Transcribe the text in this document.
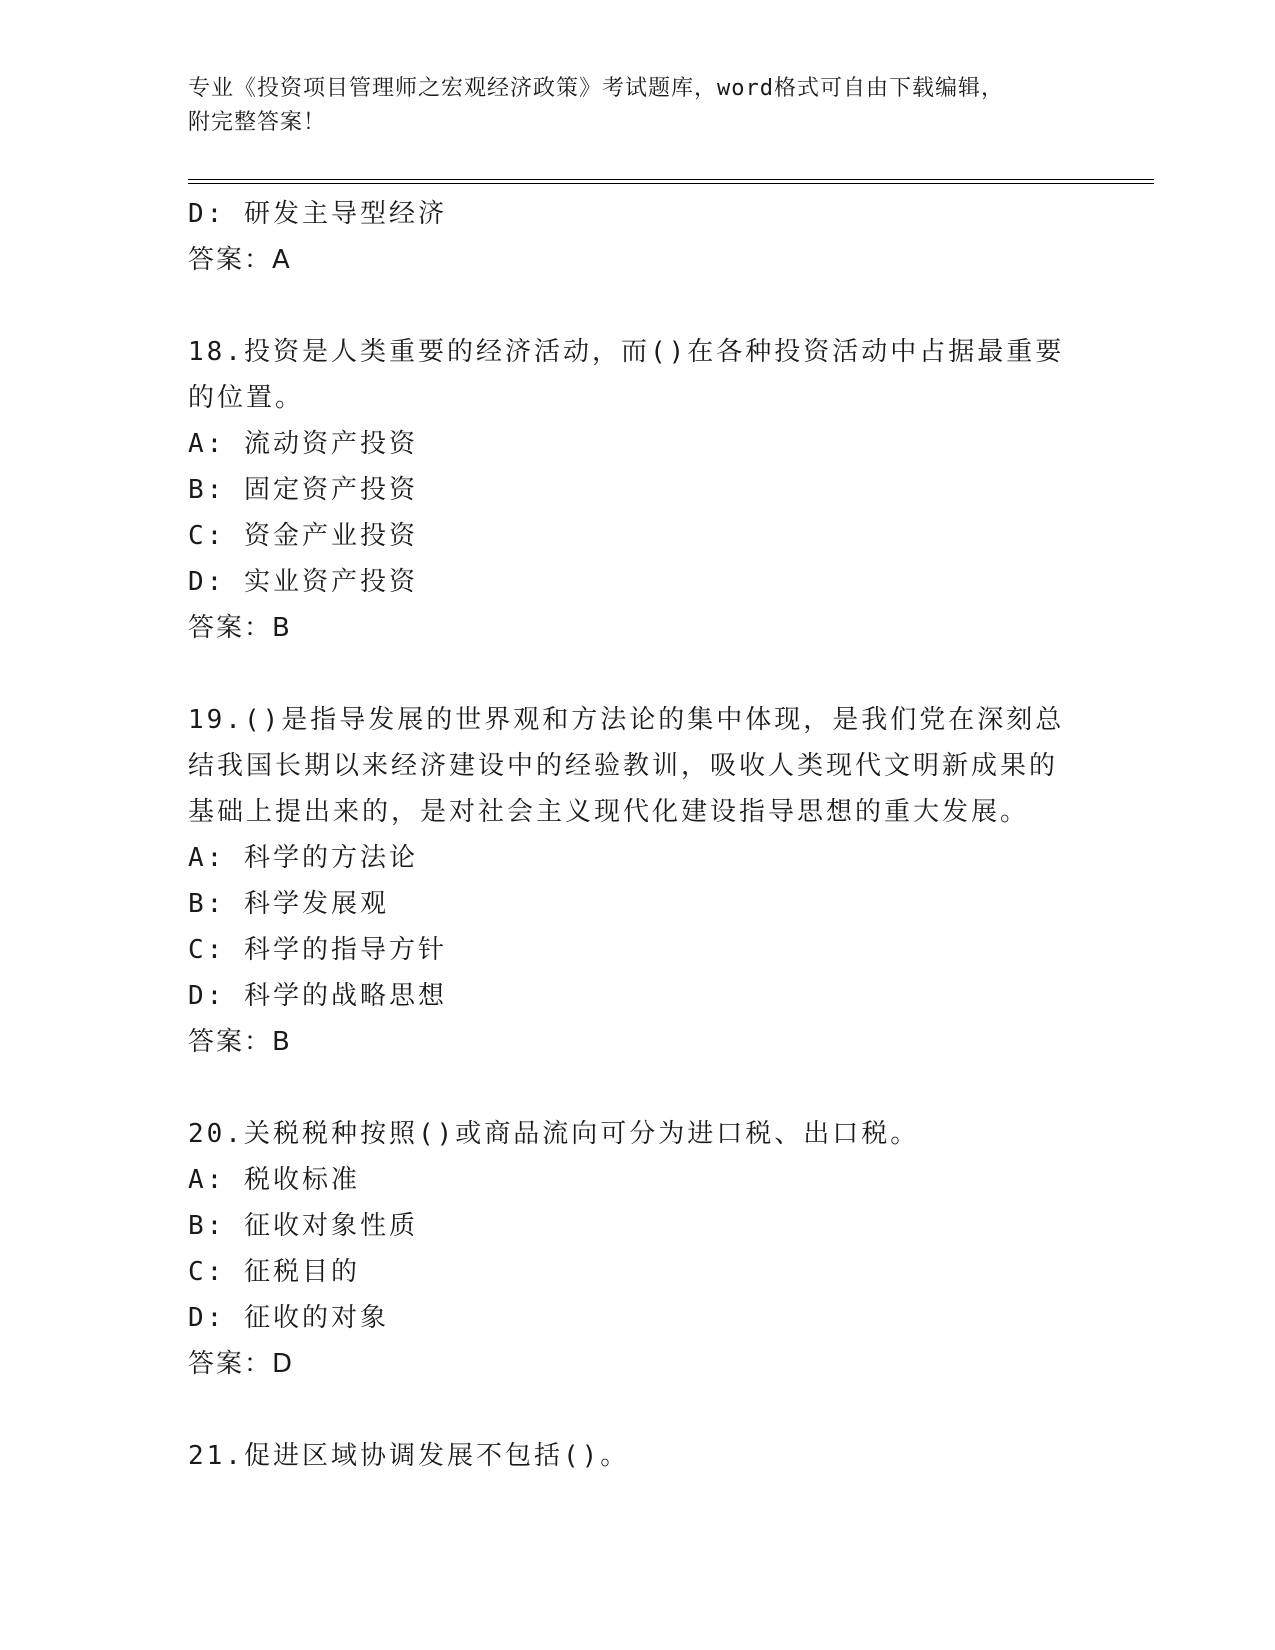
专业《投资项目管理师之宏观经济政策》考试题库，word格式可自由下载编辑，
附完整答案！
D: 研发主导型经济
答案：A
18.投资是人类重要的经济活动，而()在各种投资活动中占据最重要的位置。
A: 流动资产投资
B: 固定资产投资
C: 资金产业投资
D: 实业资产投资
答案：B
19.()是指导发展的世界观和方法论的集中体现，是我们党在深刻总结我国长期以来经济建设中的经验教训，吸收人类现代文明新成果的基础上提出来的，是对社会主义现代化建设指导思想的重大发展。
A: 科学的方法论
B: 科学发展观
C: 科学的指导方针
D: 科学的战略思想
答案：B
20.关税税种按照()或商品流向可分为进口税、出口税。
A: 税收标准
B: 征收对象性质
C: 征税目的
D: 征收的对象
答案：D
21.促进区域协调发展不包括()。
